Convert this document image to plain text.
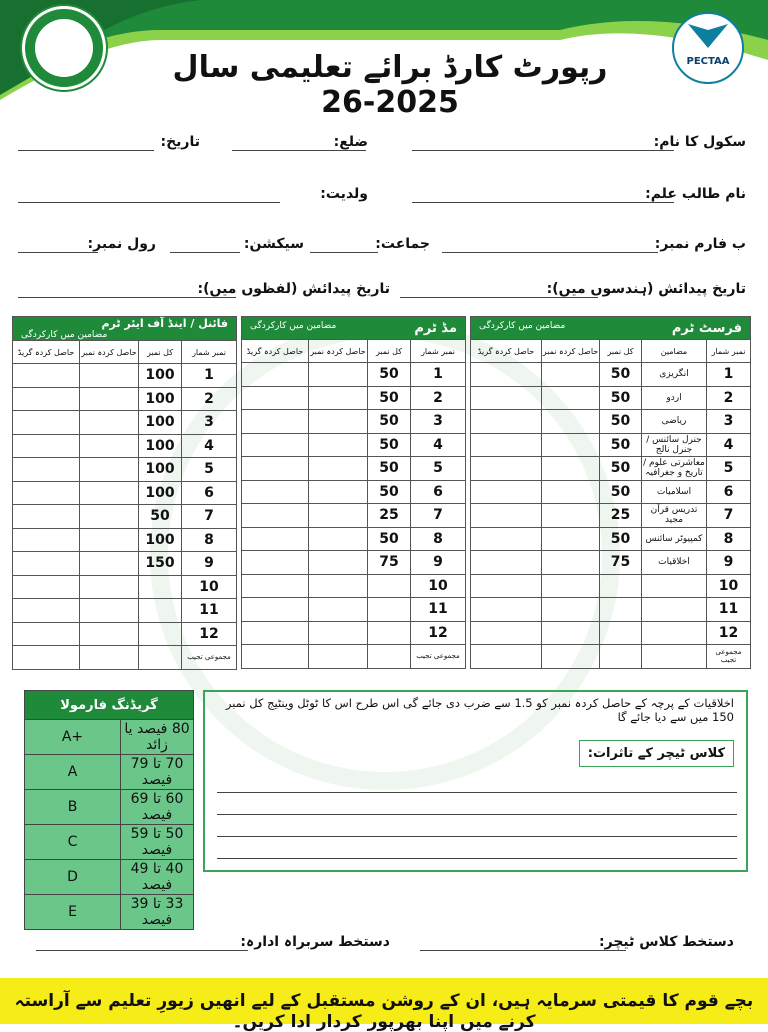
PECTAA
رپورٹ کارڈ برائے تعلیمی سال 2025-26
سکول کا نام:
ضلع:
تاریخ:
نام طالب علم:
ولدیت:
ب فارم نمبر:
جماعت:
سیکشن:
رول نمبر:
تاریخ پیدائش (ہندسوں میں):
تاریخ پیدائش (لفظوں میں):
فرسٹ ٹرم
مضامین میں کارکردگی				

نمبر شمار	مضامین	کل نمبر	حاصل کردہ نمبر	حاصل کردہ گریڈ
1	انگریزی	50		
2	اردو	50		
3	ریاضی	50		
4	جنرل سائنس / جنرل نالج	50		
5	معاشرتی علوم / تاریخ و جغرافیہ	50		
6	اسلامیات	50		
7	تدریس قرآن مجید	25		
8	کمپیوٹر سائنس	50		
9	اخلاقیات	75		
10				
11				
12				
مجموعی تجیب				
مڈ ٹرم
مضامین میں کارکردگی			

نمبر شمار	کل نمبر	حاصل کردہ نمبر	حاصل کردہ گریڈ
1	50		
2	50		
3	50		
4	50		
5	50		
6	50		
7	25		
8	50		
9	75		
10			
11			
12			
مجموعی تجیب			
فائنل / اینڈ آف ایئر ٹرم
مضامین میں کارکردگی			

نمبر شمار	کل نمبر	حاصل کردہ نمبر	حاصل کردہ گریڈ
1	100		
2	100		
3	100		
4	100		
5	100		
6	100		
7	50		
8	100		
9	150		
10			
11			
12			
مجموعی تجیب			
گریڈنگ فارمولا	
A+	80 فیصد یا زائد
A	70 تا 79 فیصد
B	60 تا 69 فیصد
C	50 تا 59 فیصد
D	40 تا 49 فیصد
E	33 تا 39 فیصد
اخلاقیات کے پرچہ کے حاصل کردہ نمبر کو 1.5 سے ضرب دی جائے گی اس طرح اس کا ٹوٹل وینٹیج کل نمبر 150 میں سے دیا جائے گا
کلاس ٹیچر کے تاثرات:
دستخط کلاس ٹیچر:
دستخط سربراہ ادارہ:
بچے قوم کا قیمتی سرمایہ ہیں، ان کے روشن مستقبل کے لیے انھیں زیورِ تعلیم سے آراستہ کرنے میں اپنا بھرپور کردار ادا کریں۔
